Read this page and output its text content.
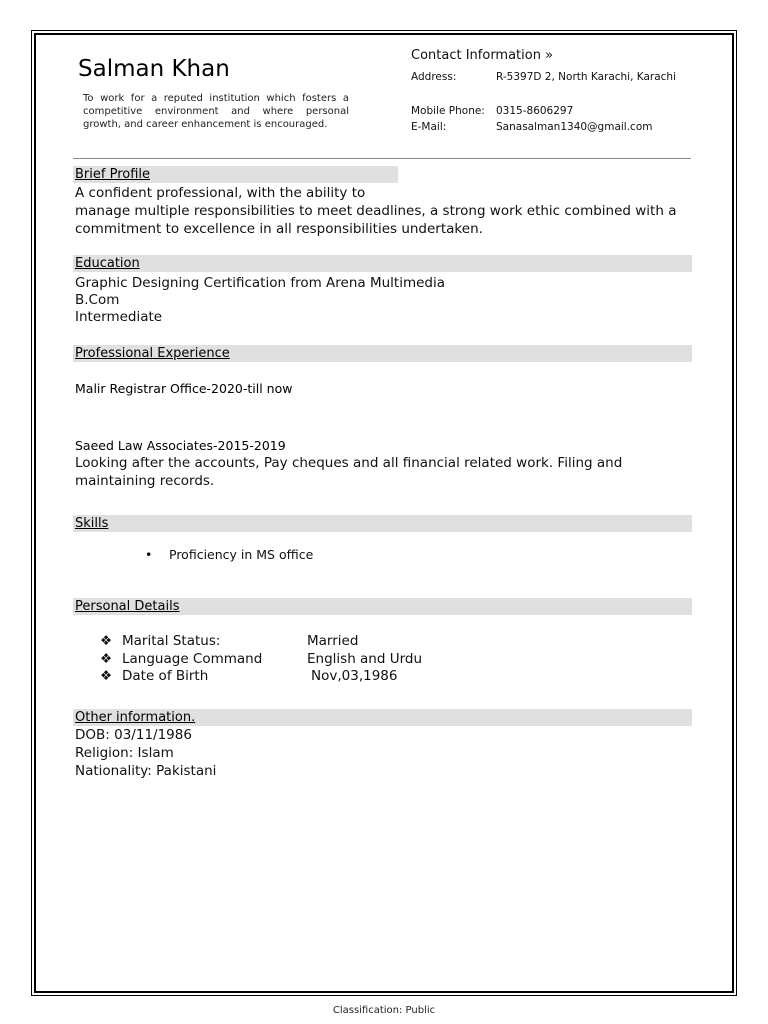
Salman Khan
To work for a reputed institution which fosters a competitive environment and where personal growth, and career enhancement is encouraged.
Contact Information »
Address:	R-5397D 2, North Karachi, Karachi
Mobile Phone: 0315-8606297
E-Mail:	Sanasalman1340@gmail.com
Brief Profile
A confident professional, with the ability to
manage multiple responsibilities to meet deadlines, a strong work ethic combined with a
commitment to excellence in all responsibilities undertaken.
Education
Graphic Designing Certification from Arena Multimedia
B.Com
Intermediate
Professional Experience
Malir Registrar Office-2020-till now
Saeed Law Associates-2015-2019
Looking after the accounts, Pay cheques and all financial related work. Filing and
maintaining records.
Skills
• Proficiency in MS office
Personal Details
❖ Marital Status:	Married
❖ Language Command	English and Urdu
❖ Date of Birth	Nov,03,1986
Other information.
DOB: 03/11/1986
Religion: Islam
Nationality: Pakistani
Classification: Public
